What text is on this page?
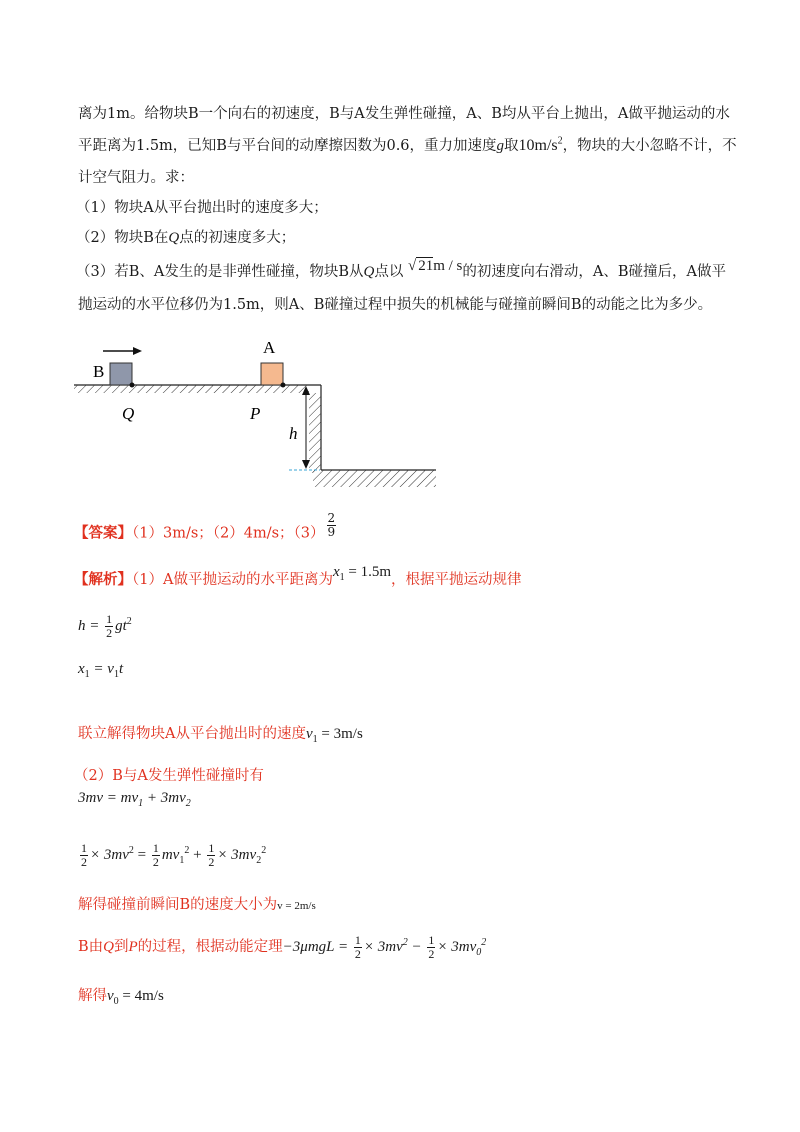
离为1m。给物块B一个向右的初速度，B与A发生弹性碰撞，A、B均从平台上抛出，A做平抛运动的水
平距离为1.5m，已知B与平台间的动摩擦因数为0.6，重力加速度g取$10m/s^2$，物块的大小忽略不计，不
计空气阻力。求：
（1）物块A从平台抛出时的速度多大；
（2）物块B在Q点的初速度多大；
（3）若B、A发生的是非弹性碰撞，物块B从Q点以 √ 21m / s的初速度向右滑动，A、B碰撞后，A做平
抛运动的水平位移仍为1.5m，则A、B碰撞过程中损失的机械能与碰撞前瞬间B的动能之比为多少。
B
A
Q	P
h
【答案】（1）3m/s；（2）4m/s；$(3) \frac{2}{9}$
【解析】（1）A做平抛运动的水平距离为$x_1 = 1.5m$，根据平抛运动规律
$h = \frac{1}{2} gt^2$
$x_1 = v_1t$
联立解得物块A从平台抛出时的速度$v_1 = 3m/s$
（2）B与A发生弹性碰撞时有
$3mv = mv_1 + 3mv_2$
$\frac{1}{2} \times 3mv^2 = \frac{1}{2} mv_1^2 + \frac{1}{2} \times 3mv_2^2$
解得碰撞前瞬间B的速度大小为v = 2m/s
B由Q到P的过程，根据动能定理$-3\mu mgL = \frac{1}{2} \times 3mv^2 - \frac{1}{2} \times 3mv_0^2$
解得$v_0 = 4m/s$
